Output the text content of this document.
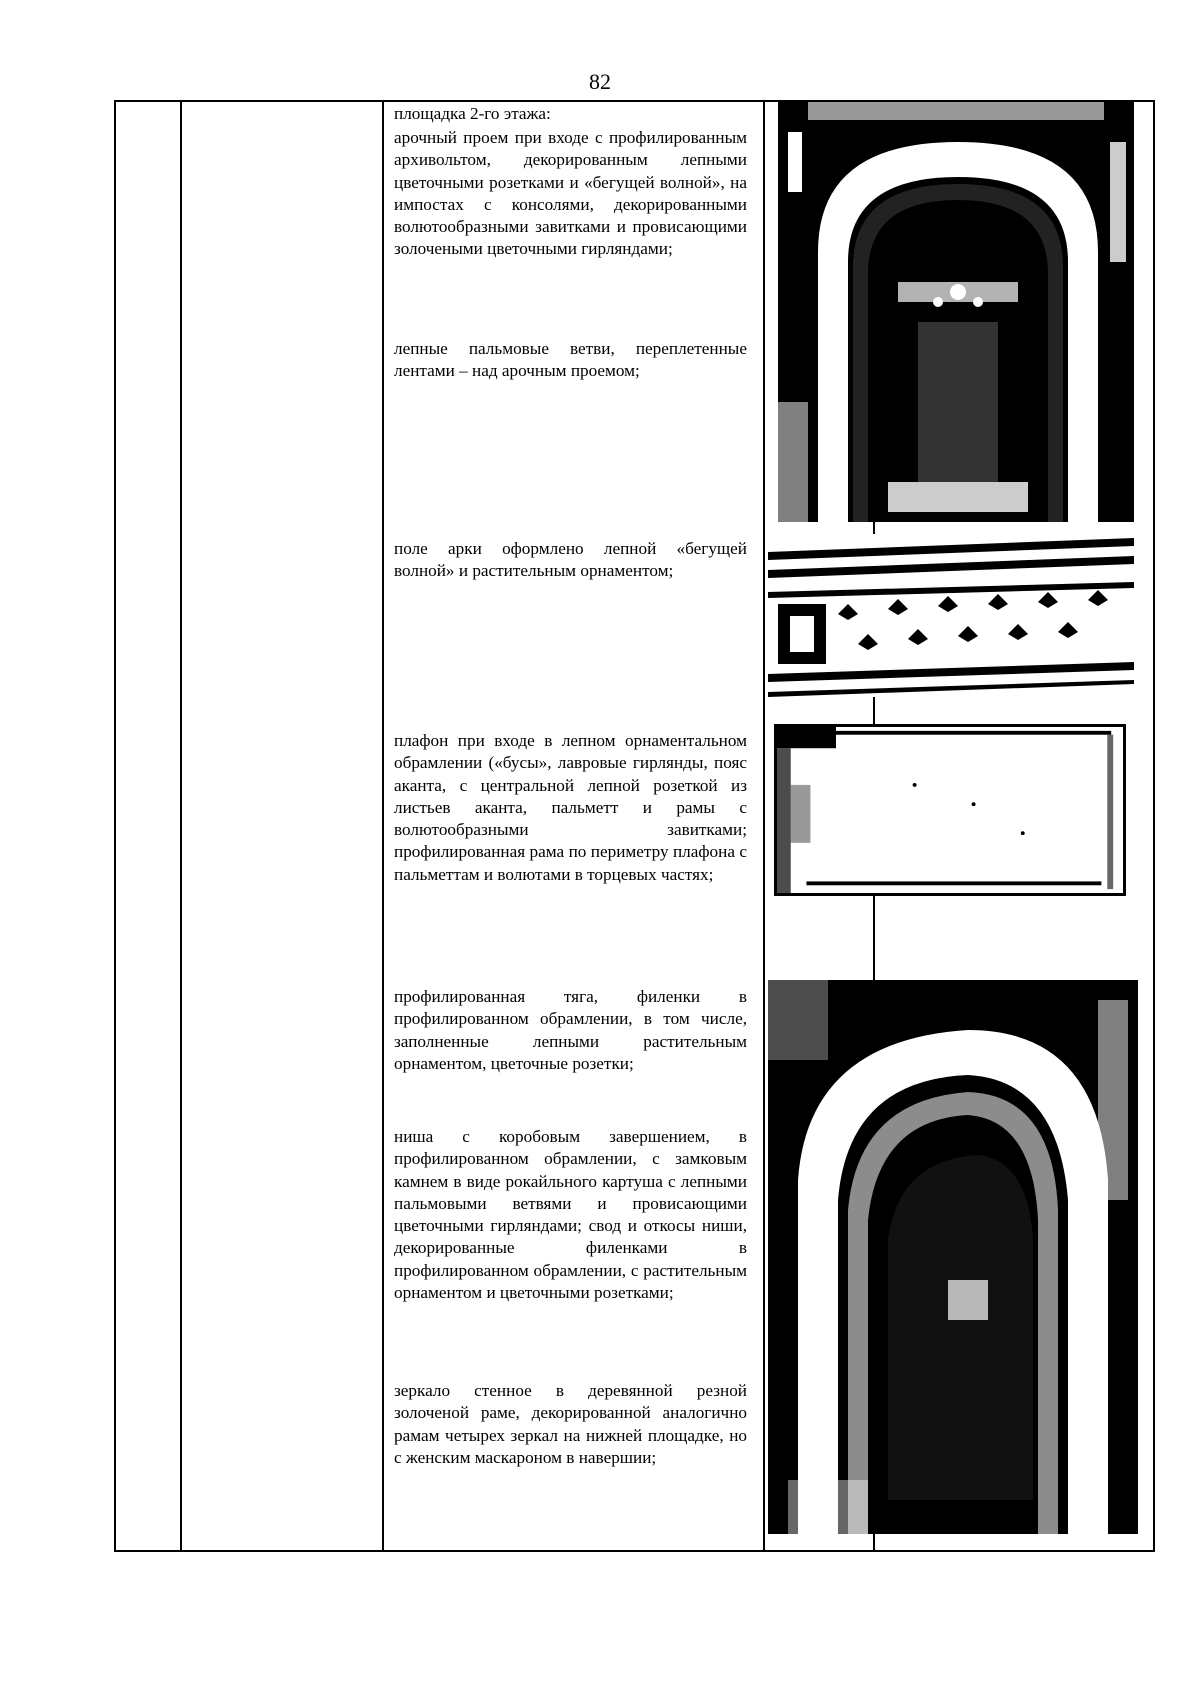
82
площадка 2-го этажа:
арочный проем при входе с профилированным архивольтом, декорированным лепными цветочными розетками и «бегущей волной», на импостах с консолями, декорированными волютообразными завитками и провисающими золочеными цветочными гирляндами;
лепные пальмовые ветви, переплетенные лентами – над арочным проемом;
поле арки оформлено лепной «бегущей волной» и растительным орнаментом;
плафон при входе в лепном орнаментальном обрамлении («бусы», лавровые гирлянды, пояс аканта, с центральной лепной розеткой из листьев аканта, пальметт и рамы с волютообразными завитками; профилированная рама по периметру плафона с пальметтам и волютами в торцевых частях;
профилированная тяга, филенки в профилированном обрамлении, в том числе, заполненные лепными растительным орнаментом, цветочные розетки;
ниша с коробовым завершением, в профилированном обрамлении, с замковым камнем в виде рокайльного картуша с лепными пальмовыми ветвями и провисающими цветочными гирляндами; свод и откосы ниши, декорированные филенками в профилированном обрамлении, с растительным орнаментом и цветочными розетками;
зеркало стенное в деревянной резной золоченой раме, декорированной аналогично рамам четырех зеркал на нижней площадке, но с женским маскароном в навершии;
